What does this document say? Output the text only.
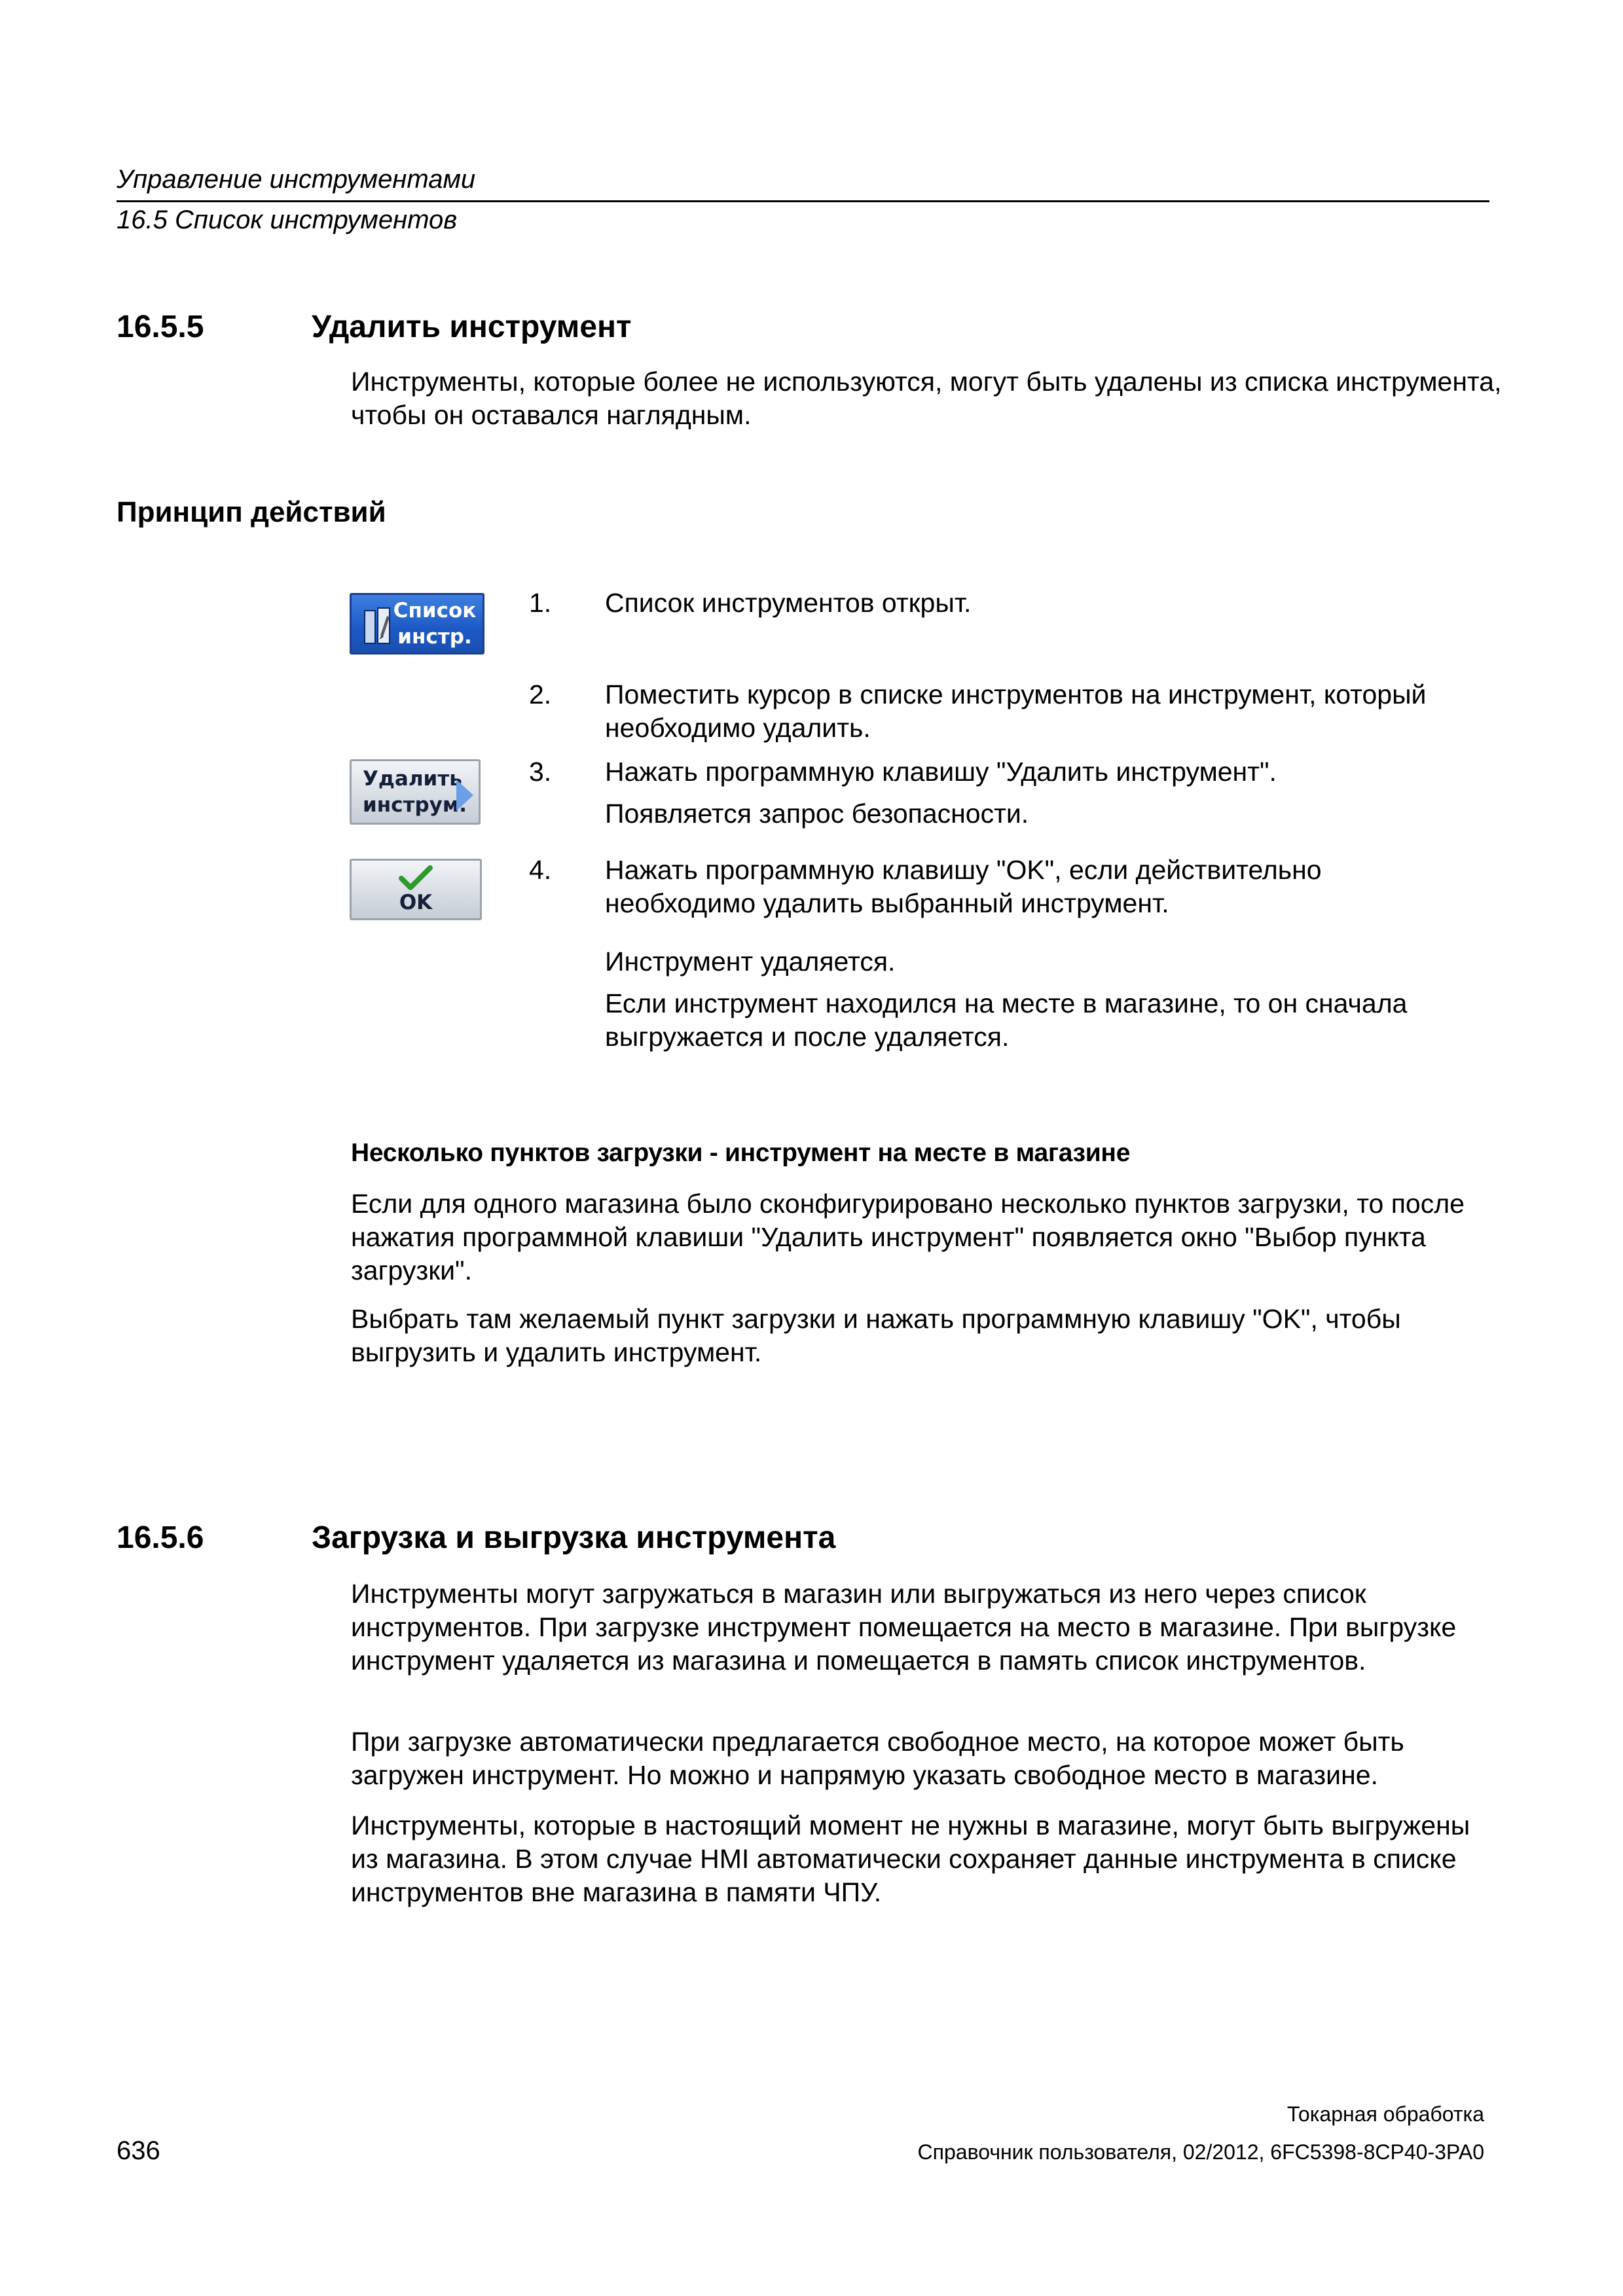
Управление инструментами
16.5 Список инструментов
16.5.5	Удалить инструмент
Инструменты, которые более не используются, могут быть удалены из списка инструмента, чтобы он оставался наглядным.
Принцип действий
Список инстр.
Удалить инструм.
OK
1. Список инструментов открыт.
2. Поместить курсор в списке инструментов на инструмент, который необходимо удалить.
3. Нажать программную клавишу "Удалить инструмент".
Появляется запрос безопасности.
4. Нажать программную клавишу "OK", если действительно необходимо удалить выбранный инструмент.
Инструмент удаляется.
Если инструмент находился на месте в магазине, то он сначала выгружается и после удаляется.
Несколько пунктов загрузки - инструмент на месте в магазине
Если для одного магазина было сконфигурировано несколько пунктов загрузки, то после нажатия программной клавиши "Удалить инструмент" появляется окно "Выбор пункта загрузки".
Выбрать там желаемый пункт загрузки и нажать программную клавишу "OK", чтобы выгрузить и удалить инструмент.
16.5.6	Загрузка и выгрузка инструмента
Инструменты могут загружаться в магазин или выгружаться из него через список инструментов. При загрузке инструмент помещается на место в магазине. При выгрузке инструмент удаляется из магазина и помещается в память список инструментов.
При загрузке автоматически предлагается свободное место, на которое может быть загружен инструмент. Но можно и напрямую указать свободное место в магазине.
Инструменты, которые в настоящий момент не нужны в магазине, могут быть выгружены из магазина. В этом случае HMI автоматически сохраняет данные инструмента в списке инструментов вне магазина в памяти ЧПУ.
Токарная обработка
636	Справочник пользователя, 02/2012, 6FC5398-8CP40-3PA0
